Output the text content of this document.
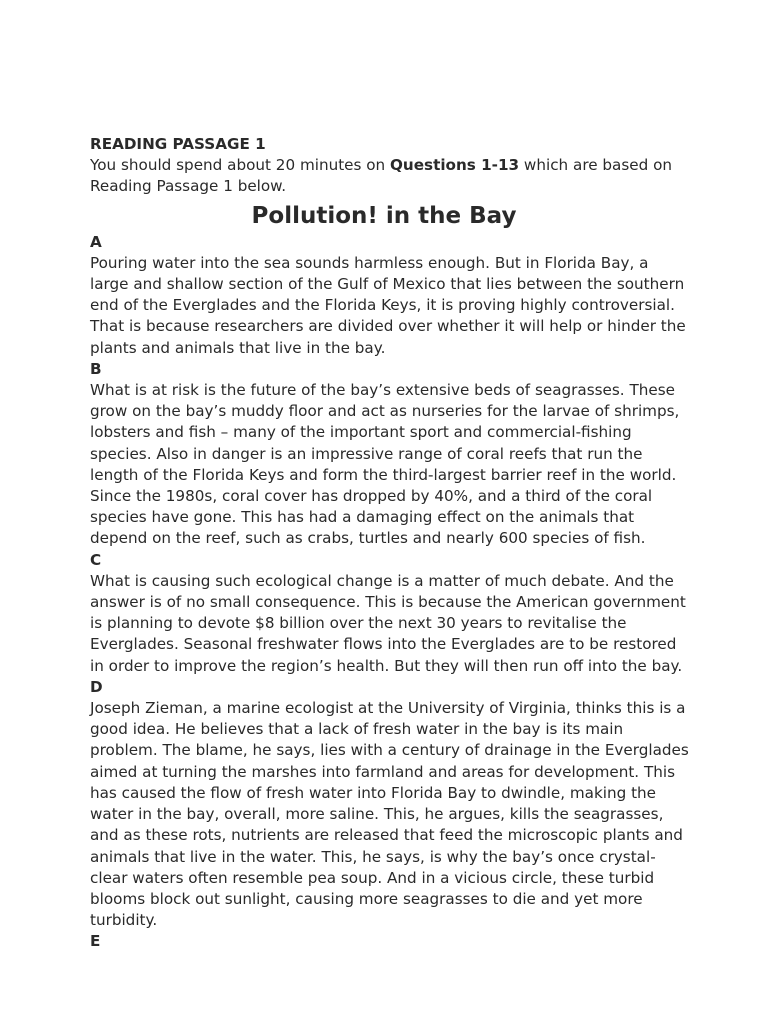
READING PASSAGE 1

You should spend about 20 minutes on Questions 1-13 which are based on Reading Passage 1 below.

Pollution! in the Bay
A

Pouring water into the sea sounds harmless enough. But in Florida Bay, a large and shallow section of the Gulf of Mexico that lies between the southern end of the Everglades and the Florida Keys, it is proving highly controversial. That is because researchers are divided over whether it will help or hinder the plants and animals that live in the bay.

B

What is at risk is the future of the bay’s extensive beds of seagrasses. These grow on the bay’s muddy floor and act as nurseries for the larvae of shrimps, lobsters and fish – many of the important sport and commercial-fishing species. Also in danger is an impressive range of coral reefs that run the length of the Florida Keys and form the third-largest barrier reef in the world. Since the 1980s, coral cover has dropped by 40%, and a third of the coral species have gone. This has had a damaging effect on the animals that depend on the reef, such as crabs, turtles and nearly 600 species of fish.

C

What is causing such ecological change is a matter of much debate. And the answer is of no small consequence. This is because the American government is planning to devote $8 billion over the next 30 years to revitalise the Everglades. Seasonal freshwater flows into the Everglades are to be restored in order to improve the region’s health. But they will then run off into the bay.

D

Joseph Zieman, a marine ecologist at the University of Virginia, thinks this is a good idea. He believes that a lack of fresh water in the bay is its main problem. The blame, he says, lies with a century of drainage in the Everglades aimed at turning the marshes into farmland and areas for development. This has caused the flow of fresh water into Florida Bay to dwindle, making the water in the bay, overall, more saline. This, he argues, kills the seagrasses, and as these rots, nutrients are released that feed the microscopic plants and animals that live in the water. This, he says, is why the bay’s once crystal-clear waters often resemble pea soup. And in a vicious circle, these turbid blooms block out sunlight, causing more seagrasses to die and yet more turbidity.

E
